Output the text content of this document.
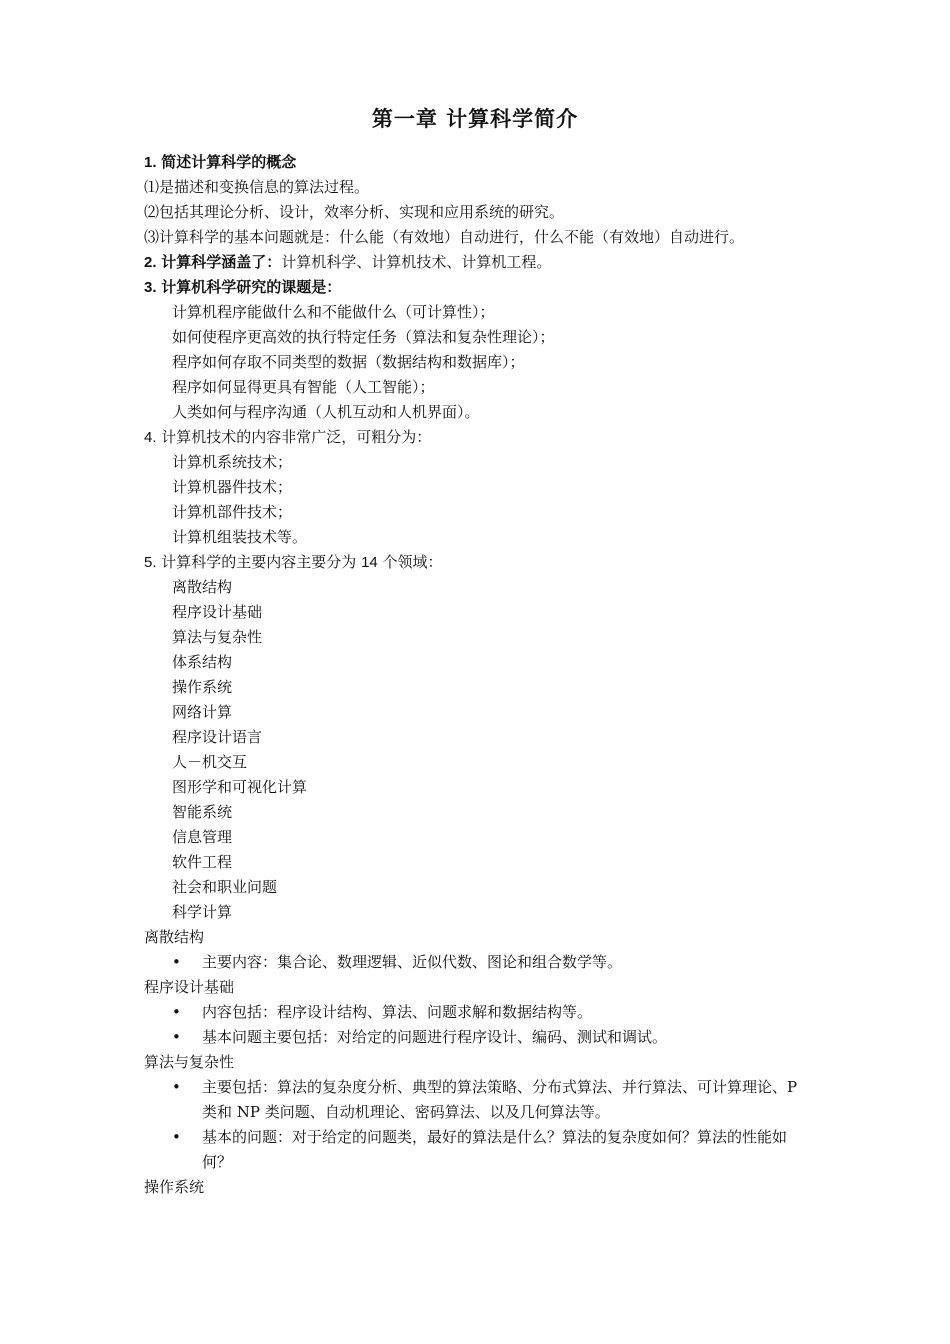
第一章 计算科学简介
1. 简述计算科学的概念
⑴是描述和变换信息的算法过程。
⑵包括其理论分析、设计，效率分析、实现和应用系统的研究。
⑶计算科学的基本问题就是：什么能（有效地）自动进行，什么不能（有效地）自动进行。
2. 计算科学涵盖了：计算机科学、计算机技术、计算机工程。
3. 计算机科学研究的课题是：
计算机程序能做什么和不能做什么（可计算性）；
如何使程序更高效的执行特定任务（算法和复杂性理论）；
程序如何存取不同类型的数据（数据结构和数据库）；
程序如何显得更具有智能（人工智能）；
人类如何与程序沟通（人机互动和人机界面）。
4. 计算机技术的内容非常广泛，可粗分为：
计算机系统技术；
计算机器件技术；
计算机部件技术；
计算机组装技术等。
5. 计算科学的主要内容主要分为 14 个领域：
离散结构
程序设计基础
算法与复杂性
体系结构
操作系统
网络计算
程序设计语言
人－机交互
图形学和可视化计算
智能系统
信息管理
软件工程
社会和职业问题
科学计算
离散结构
• 主要内容：集合论、数理逻辑、近似代数、图论和组合数学等。
程序设计基础
• 内容包括：程序设计结构、算法、问题求解和数据结构等。
• 基本问题主要包括：对给定的问题进行程序设计、编码、测试和调试。
算法与复杂性
• 主要包括：算法的复杂度分析、典型的算法策略、分布式算法、并行算法、可计算理论、P 类和 NP 类问题、自动机理论、密码算法、以及几何算法等。
• 基本的问题：对于给定的问题类，最好的算法是什么？算法的复杂度如何？算法的性能如何？
操作系统
